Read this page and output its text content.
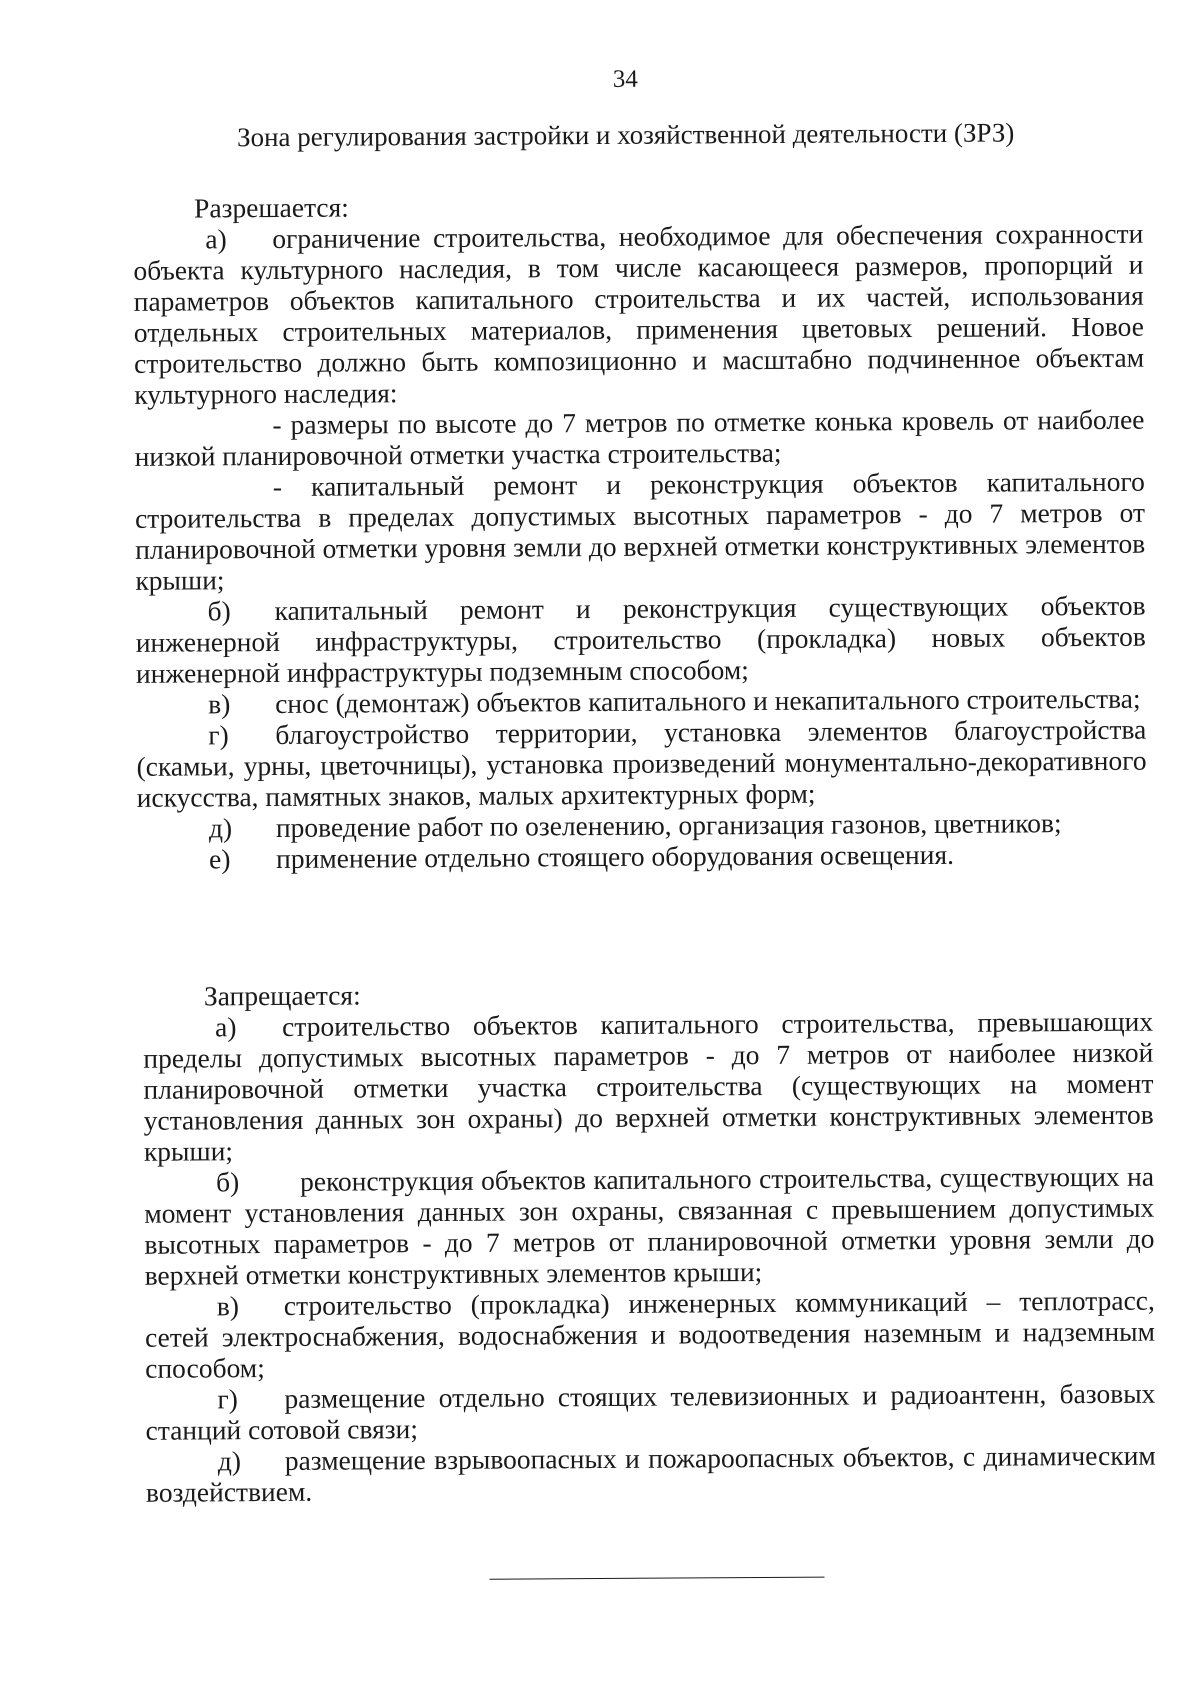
34
Зона регулирования застройки и хозяйственной деятельности (ЗРЗ)

Разрешается:

а) ограничение строительства, необходимое для обеспечения сохранности объекта культурного наследия, в том числе касающееся размеров, пропорций и параметров объектов капитального строительства и их частей, использования отдельных строительных материалов, применения цветовых решений. Новое строительство должно быть композиционно и масштабно подчиненное объектам культурного наследия:

- размеры по высоте до 7 метров по отметке конька кровель от наиболее низкой планировочной отметки участка строительства;

- капитальный ремонт и реконструкция объектов капитального строительства в пределах допустимых высотных параметров - до 7 метров от планировочной отметки уровня земли до верхней отметки конструктивных элементов крыши;

б) капитальный ремонт и реконструкция существующих объектов инженерной инфраструктуры, строительство (прокладка) новых объектов инженерной инфраструктуры подземным способом;

в) снос (демонтаж) объектов капитального и некапитального строительства;

г) благоустройство территории, установка элементов благоустройства (скамьи, урны, цветочницы), установка произведений монументально-декоративного искусства, памятных знаков, малых архитектурных форм;

д) проведение работ по озеленению, организация газонов, цветников;

е) применение отдельно стоящего оборудования освещения.

Запрещается:

а) строительство объектов капитального строительства, превышающих пределы допустимых высотных параметров - до 7 метров от наиболее низкой планировочной отметки участка строительства (существующих на момент установления данных зон охраны) до верхней отметки конструктивных элементов крыши;

б) реконструкция объектов капитального строительства, существующих на момент установления данных зон охраны, связанная с превышением допустимых высотных параметров - до 7 метров от планировочной отметки уровня земли до верхней отметки конструктивных элементов крыши;

в) строительство (прокладка) инженерных коммуникаций – теплотрасс, сетей электроснабжения, водоснабжения и водоотведения наземным и надземным способом;

г) размещение отдельно стоящих телевизионных и радиоантенн, базовых станций сотовой связи;

д) размещение взрывоопасных и пожароопасных объектов, с динамическим воздействием.
